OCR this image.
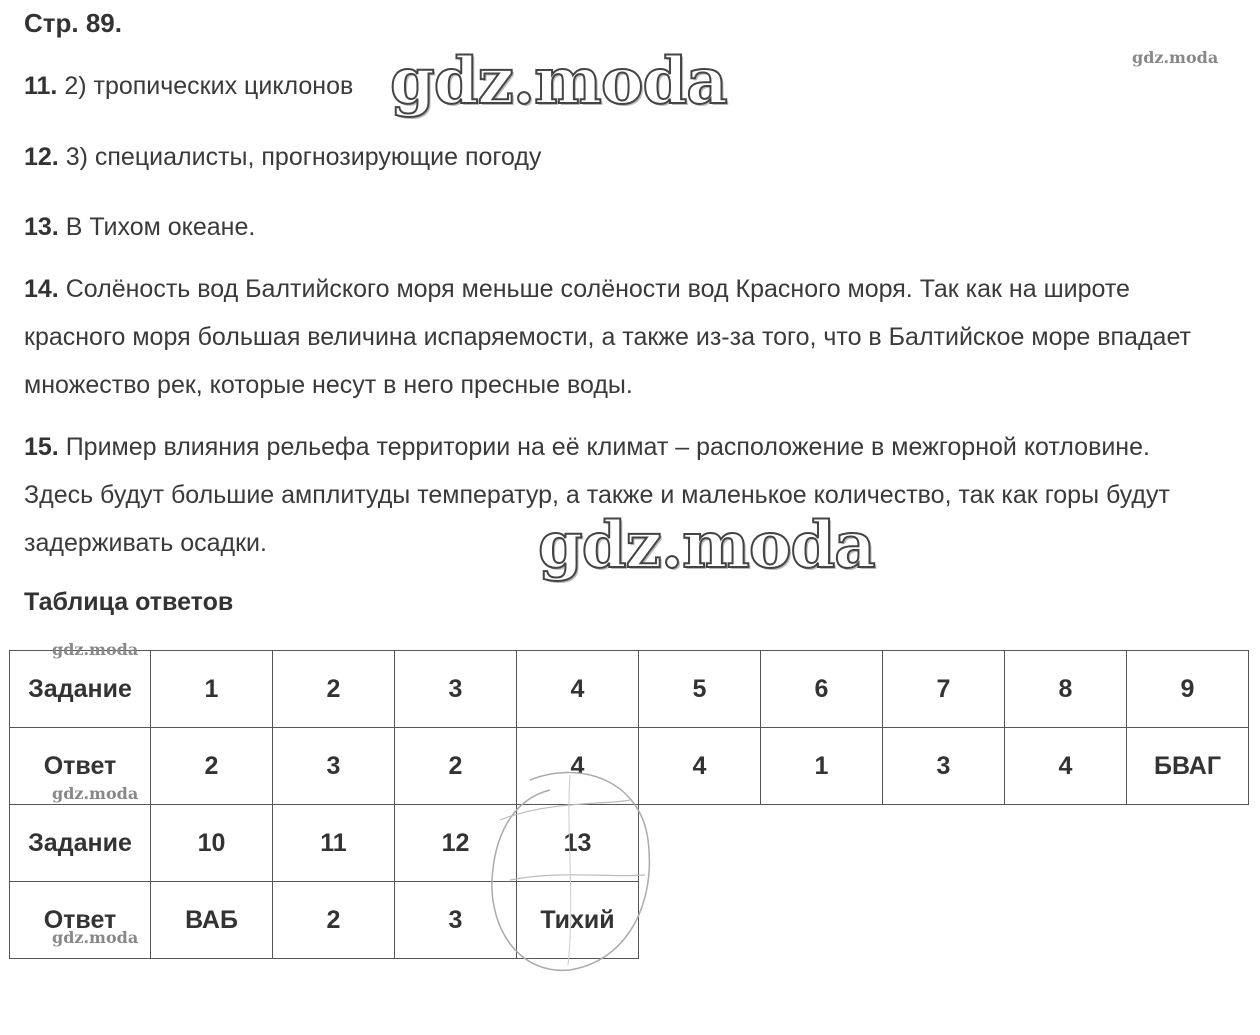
Стр. 89.
11. 2) тропических циклонов
12. 3) специалисты, прогнозирующие погоду
13. В Тихом океане.
14. Солёность вод Балтийского моря меньше солёности вод Красного моря. Так как на широте красного моря большая величина испаряемости, а также из-за того, что в Балтийское море впадает множество рек, которые несут в него пресные воды.
15. Пример влияния рельефа территории на её климат – расположение в межгорной котловине. Здесь будут большие амплитуды температур, а также и маленькое количество, так как горы будут задерживать осадки.
Таблица ответов
Задание	1	2	3	4	5	6	7	8	9
Ответ	2	3	2	4	4	1	3	4	БВАГ
Задание	10	11	12	13					
Ответ	ВАБ	2	3	Тихий					
gdz.moda
gdz.moda
gdz.moda
gdz.moda
gdz.moda
gdz.moda
